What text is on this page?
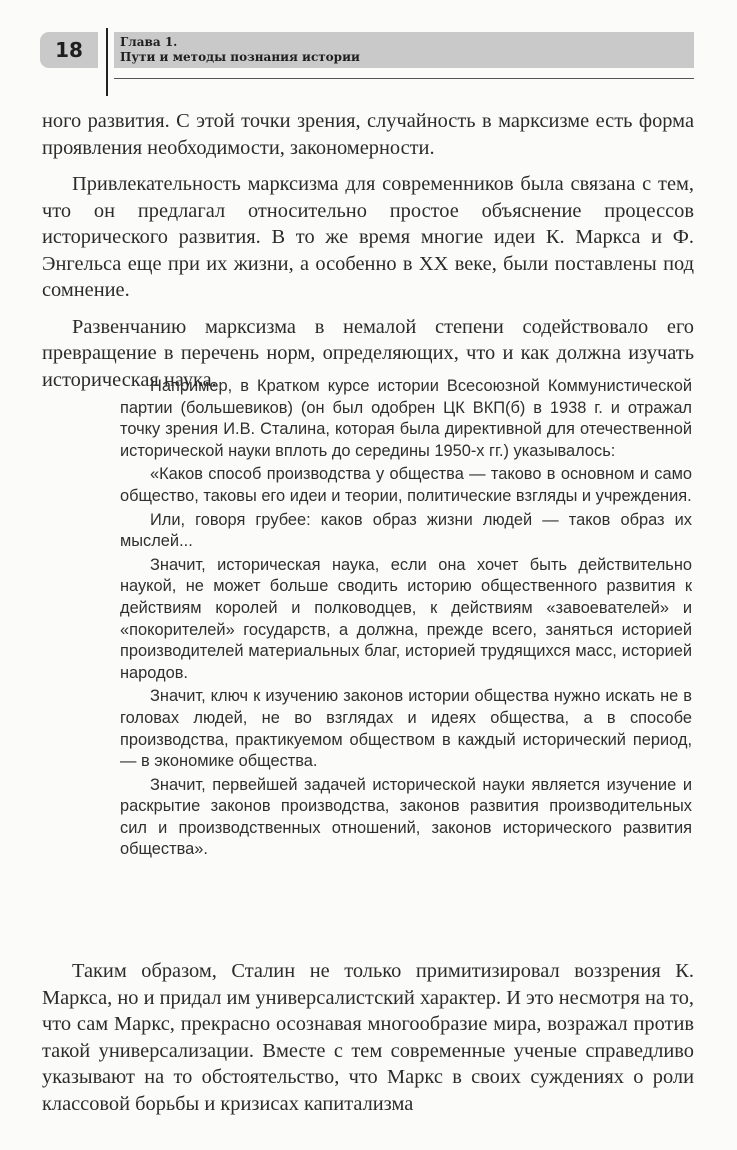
18	Глава 1.
Пути и методы познания истории

ного развития. С этой точки зрения, случайность в марксизме есть форма проявления необходимости, закономерности.

Привлекательность марксизма для современников была связана с тем, что он предлагал относительно простое объяснение процессов исторического развития. В то же время многие идеи К. Маркса и Ф. Энгельса еще при их жизни, а особенно в XX веке, были поставлены под сомнение.

Развенчанию марксизма в немалой степени содействовало его превращение в перечень норм, определяющих, что и как должна изучать историческая наука.

Например, в Кратком курсе истории Всесоюзной Коммунистической партии (большевиков) (он был одобрен ЦК ВКП(б) в 1938 г. и отражал точку зрения И.В. Сталина, которая была директивной для отечественной исторической науки вплоть до середины 1950-х гг.) указывалось:

«Каков способ производства у общества — таково в основном и само общество, таковы его идеи и теории, политические взгляды и учреждения.

Или, говоря грубее: каков образ жизни людей — таков образ их мыслей...

Значит, историческая наука, если она хочет быть действительно наукой, не может больше сводить историю общественного развития к действиям королей и полководцев, к действиям «завоевателей» и «покорителей» государств, а должна, прежде всего, заняться историей производителей материальных благ, историей трудящихся масс, историей народов.

Значит, ключ к изучению законов истории общества нужно искать не в головах людей, не во взглядах и идеях общества, а в способе производства, практикуемом обществом в каждый исторический период, — в экономике общества.

Значит, первейшей задачей исторической науки является изучение и раскрытие законов производства, законов развития производительных сил и производственных отношений, законов исторического развития общества».

Таким образом, Сталин не только примитизировал воззрения К. Маркса, но и придал им универсалистский характер. И это несмотря на то, что сам Маркс, прекрасно осознавая многообразие мира, возражал против такой универсализации. Вместе с тем современные ученые справедливо указывают на то обстоятельство, что Маркс в своих суждениях о роли классовой борьбы и кризисах капитализма
